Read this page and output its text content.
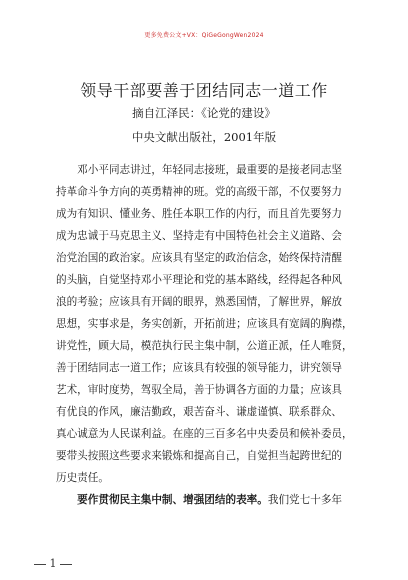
更多免费公文+VX：QiGeGongWen2024
领导干部要善于团结同志一道工作
摘自江泽民：《论党的建设》
中央文献出版社，2001年版

　　邓小平同志讲过，年轻同志接班，最重要的是接老同志坚

持革命斗争方向的英勇精神的班。党的高级干部，不仅要努力

成为有知识、懂业务、胜任本职工作的内行，而且首先要努力

成为忠诚于马克思主义、坚持走有中国特色社会主义道路、会

治党治国的政治家。应该具有坚定的政治信念，始终保持清醒

的头脑，自觉坚持邓小平理论和党的基本路线，经得起各种风

浪的考验；应该具有开阔的眼界，熟悉国情，了解世界，解放

思想，实事求是，务实创新，开拓前进；应该具有宽阔的胸襟，

讲党性，顾大局，模范执行民主集中制，公道正派，任人唯贤，

善于团结同志一道工作；应该具有较强的领导能力，讲究领导

艺术，审时度势，驾驭全局，善于协调各方面的力量；应该具

有优良的作风，廉洁勤政，艰苦奋斗、谦虚谨慎、联系群众、

真心诚意为人民谋利益。在座的三百多名中央委员和候补委员，

要带头按照这些要求来锻炼和提高自己，自觉担当起跨世纪的

历史责任。

　　要作贯彻民主集中制、增强团结的表率。我们党七十多年

1
